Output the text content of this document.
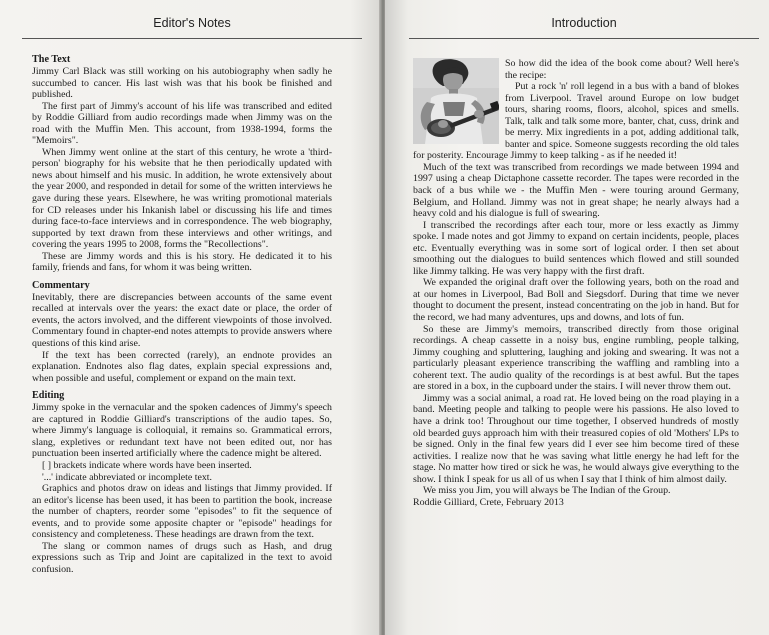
Editor's Notes
The Text

Jimmy Carl Black was still working on his autobiography when sadly he succumbed to cancer. His last wish was that his book be finished and published.

The first part of Jimmy's account of his life was transcribed and edited by Roddie Gilliard from audio recordings made when Jimmy was on the road with the Muffin Men. This account, from 1938-1994, forms the "Memoirs".

When Jimmy went online at the start of this century, he wrote a 'third-person' biography for his website that he then periodically updated with news about himself and his music. In addition, he wrote extensively about the year 2000, and responded in detail for some of the written interviews he gave during these years. Elsewhere, he was writing promotional materials for CD releases under his Inkanish label or discussing his life and times during face-to-face interviews and in correspondence. The web biography, supported by text drawn from these interviews and other writings, and covering the years 1995 to 2008, forms the "Recollections".

These are Jimmy words and this is his story. He dedicated it to his family, friends and fans, for whom it was being written.

Commentary

Inevitably, there are discrepancies between accounts of the same event recalled at intervals over the years: the exact date or place, the order of events, the actors involved, and the different viewpoints of those involved. Commentary found in chapter-end notes attempts to provide answers where questions of this kind arise.

If the text has been corrected (rarely), an endnote provides an explanation. Endnotes also flag dates, explain special expressions and, when possible and useful, complement or expand on the main text.

Editing

Jimmy spoke in the vernacular and the spoken cadences of Jimmy's speech are captured in Roddie Gilliard's transcriptions of the audio tapes. So, where Jimmy's language is colloquial, it remains so. Grammatical errors, slang, expletives or redundant text have not been edited out, nor has punctuation been inserted artificially where the cadence might be altered.

[ ] brackets indicate where words have been inserted.

'...' indicate abbreviated or incomplete text.

Graphics and photos draw on ideas and listings that Jimmy provided. If an editor's license has been used, it has been to partition the book, increase the number of chapters, reorder some "episodes" to fit the sequence of events, and to provide some apposite chapter or "episode" headings for consistency and completeness. These headings are drawn from the text.

The slang or common names of drugs such as Hash, and drug expressions such as Trip and Joint are capitalized in the text to avoid confusion.

Introduction

So how did the idea of the book come about? Well here's the recipe:

Put a rock 'n' roll legend in a bus with a band of blokes from Liverpool. Travel around Europe on low budget tours, sharing rooms, floors, alcohol, spices and smells. Talk, talk and talk some more, banter, chat, cuss, drink and be merry. Mix ingredients in a pot, adding additional talk, banter and spice. Someone suggests recording the old tales for posterity. Encourage Jimmy to keep talking - as if he needed it!

Much of the text was transcribed from recordings we made between 1994 and 1997 using a cheap Dictaphone cassette recorder. The tapes were recorded in the back of a bus while we - the Muffin Men - were touring around Germany, Belgium, and Holland. Jimmy was not in great shape; he nearly always had a heavy cold and his dialogue is full of swearing.

I transcribed the recordings after each tour, more or less exactly as Jimmy spoke. I made notes and got Jimmy to expand on certain incidents, people, places etc. Eventually everything was in some sort of logical order. I then set about smoothing out the dialogues to build sentences which flowed and still sounded like Jimmy talking. He was very happy with the first draft.

We expanded the original draft over the following years, both on the road and at our homes in Liverpool, Bad Boll and Siegsdorf. During that time we never thought to document the present, instead concentrating on the job in hand. But for the record, we had many adventures, ups and downs, and lots of fun.

So these are Jimmy's memoirs, transcribed directly from those original recordings. A cheap cassette in a noisy bus, engine rumbling, people talking, Jimmy coughing and spluttering, laughing and joking and swearing. It was not a particularly pleasant experience transcribing the waffling and rambling into a coherent text. The audio quality of the recordings is at best awful. But the tapes are stored in a box, in the cupboard under the stairs. I will never throw them out.

Jimmy was a social animal, a road rat. He loved being on the road playing in a band. Meeting people and talking to people were his passions. He also loved to have a drink too! Throughout our time together, I observed hundreds of mostly old bearded guys approach him with their treasured copies of old 'Mothers' LPs to be signed. Only in the final few years did I ever see him become tired of these activities. I realize now that he was saving what little energy he had left for the stage. No matter how tired or sick he was, he would always give everything to the show. I think I speak for us all of us when I say that I think of him almost daily.

We miss you Jim, you will always be The Indian of the Group.

Roddie Gilliard, Crete, February 2013
